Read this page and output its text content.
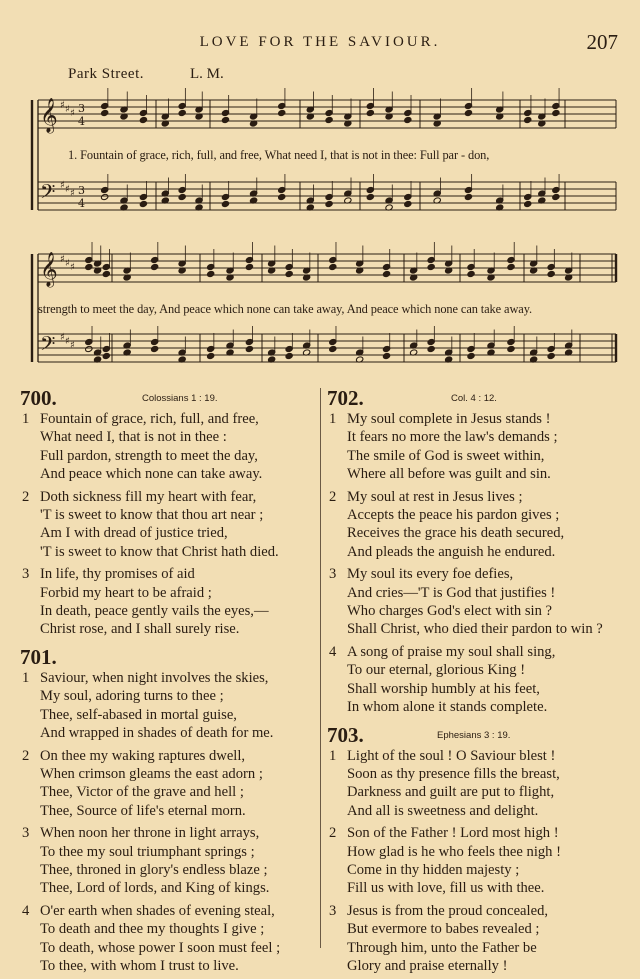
LOVE FOR THE SAVIOUR.	207
Park Street.	L. M.
𝄞
𝄢
♯
♯
♯
♯
♯
♯
3
4
3
4
𝄞
𝄢
♯
♯
♯
♯
♯
♯
1. Fountain of grace, rich, full, and free, What need I, that is not in thee: Full par - don,
strength to meet the day, And peace which none can take away, And peace which none can take away.
700.	Colossians 1 : 19.
1 Fountain of grace, rich, full, and free,
What need I, that is not in thee :
Full pardon, strength to meet the day,
And peace which none can take away.
2 Doth sickness fill my heart with fear,
'T is sweet to know that thou art near ;
Am I with dread of justice tried,
'T is sweet to know that Christ hath died.
3 In life, thy promises of aid
Forbid my heart to be afraid ;
In death, peace gently vails the eyes,—
Christ rose, and I shall surely rise.
701.
1 Saviour, when night involves the skies,
My soul, adoring turns to thee ;
Thee, self-abased in mortal guise,
And wrapped in shades of death for me.
2 On thee my waking raptures dwell,
When crimson gleams the east adorn ;
Thee, Victor of the grave and hell ;
Thee, Source of life's eternal morn.
3 When noon her throne in light arrays,
To thee my soul triumphant springs ;
Thee, throned in glory's endless blaze ;
Thee, Lord of lords, and King of kings.
4 O'er earth when shades of evening steal,
To death and thee my thoughts I give ;
To death, whose power I soon must feel ;
To thee, with whom I trust to live.
702.	Col. 4 : 12.
1 My soul complete in Jesus stands !
It fears no more the law's demands ;
The smile of God is sweet within,
Where all before was guilt and sin.
2 My soul at rest in Jesus lives ;
Accepts the peace his pardon gives ;
Receives the grace his death secured,
And pleads the anguish he endured.
3 My soul its every foe defies,
And cries—'T is God that justifies !
Who charges God's elect with sin ?
Shall Christ, who died their pardon to win ?
4 A song of praise my soul shall sing,
To our eternal, glorious King !
Shall worship humbly at his feet,
In whom alone it stands complete.
703.	Ephesians 3 : 19.
1 Light of the soul ! O Saviour blest !
Soon as thy presence fills the breast,
Darkness and guilt are put to flight,
And all is sweetness and delight.
2 Son of the Father ! Lord most high !
How glad is he who feels thee nigh !
Come in thy hidden majesty ;
Fill us with love, fill us with thee.
3 Jesus is from the proud concealed,
But evermore to babes revealed ;
Through him, unto the Father be
Glory and praise eternally !
